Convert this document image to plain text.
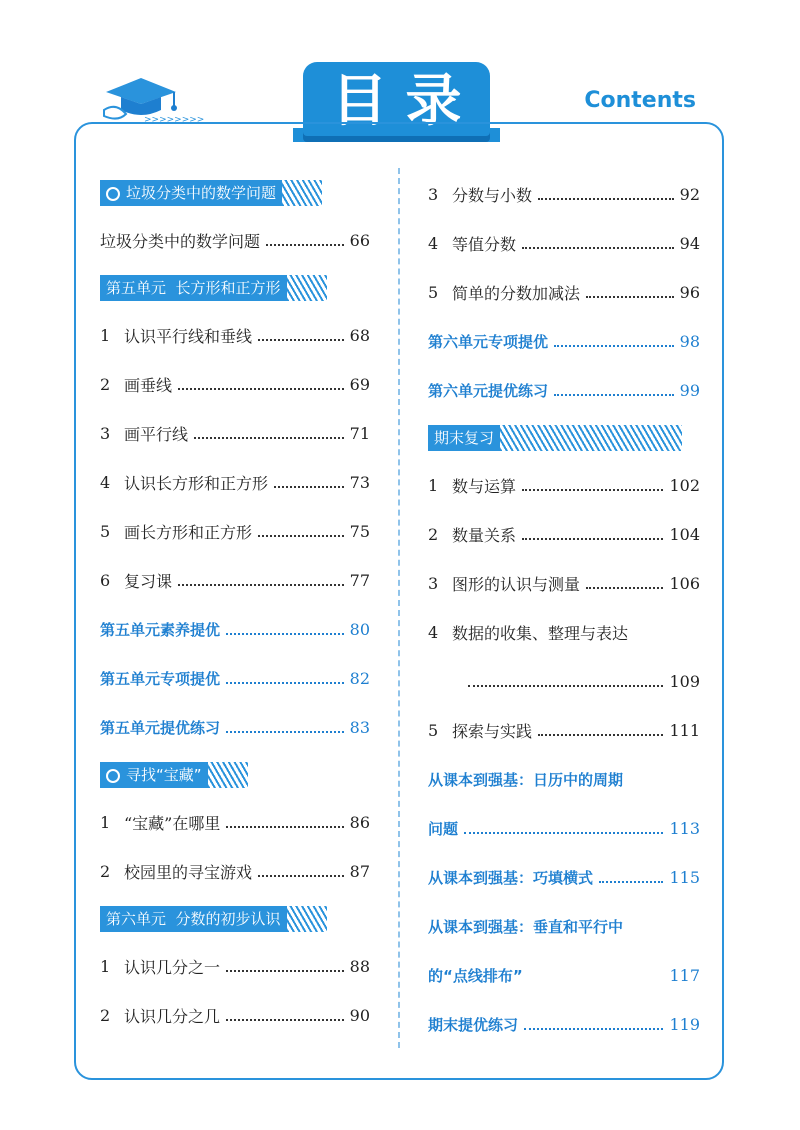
>>>>>>>>	目录	Contents
垃圾分类中的数学问题
垃圾分类中的数学问题	66
第五单元  长方形和正方形
1 认识平行线和垂线	68
2 画垂线	69
3 画平行线	71
4 认识长方形和正方形	73
5 画长方形和正方形	75
6 复习课	77
第五单元素养提优	80
第五单元专项提优	82
第五单元提优练习	83
寻找“宝藏”
1 “宝藏”在哪里	86
2 校园里的寻宝游戏	87
第六单元  分数的初步认识
1 认识几分之一	88
2 认识几分之几	90
3 分数与小数	92
4 等值分数	94
5 简单的分数加减法	96
第六单元专项提优	98
第六单元提优练习	99
期末复习
1 数与运算	102
2 数量关系	104
3 图形的认识与测量	106
4 数据的收集、整理与表达
109
5 探索与实践	111
从课本到强基：日历中的周期
问题	113
从课本到强基：巧填横式	115
从课本到强基：垂直和平行中
的“点线排布”	117
期末提优练习	119
